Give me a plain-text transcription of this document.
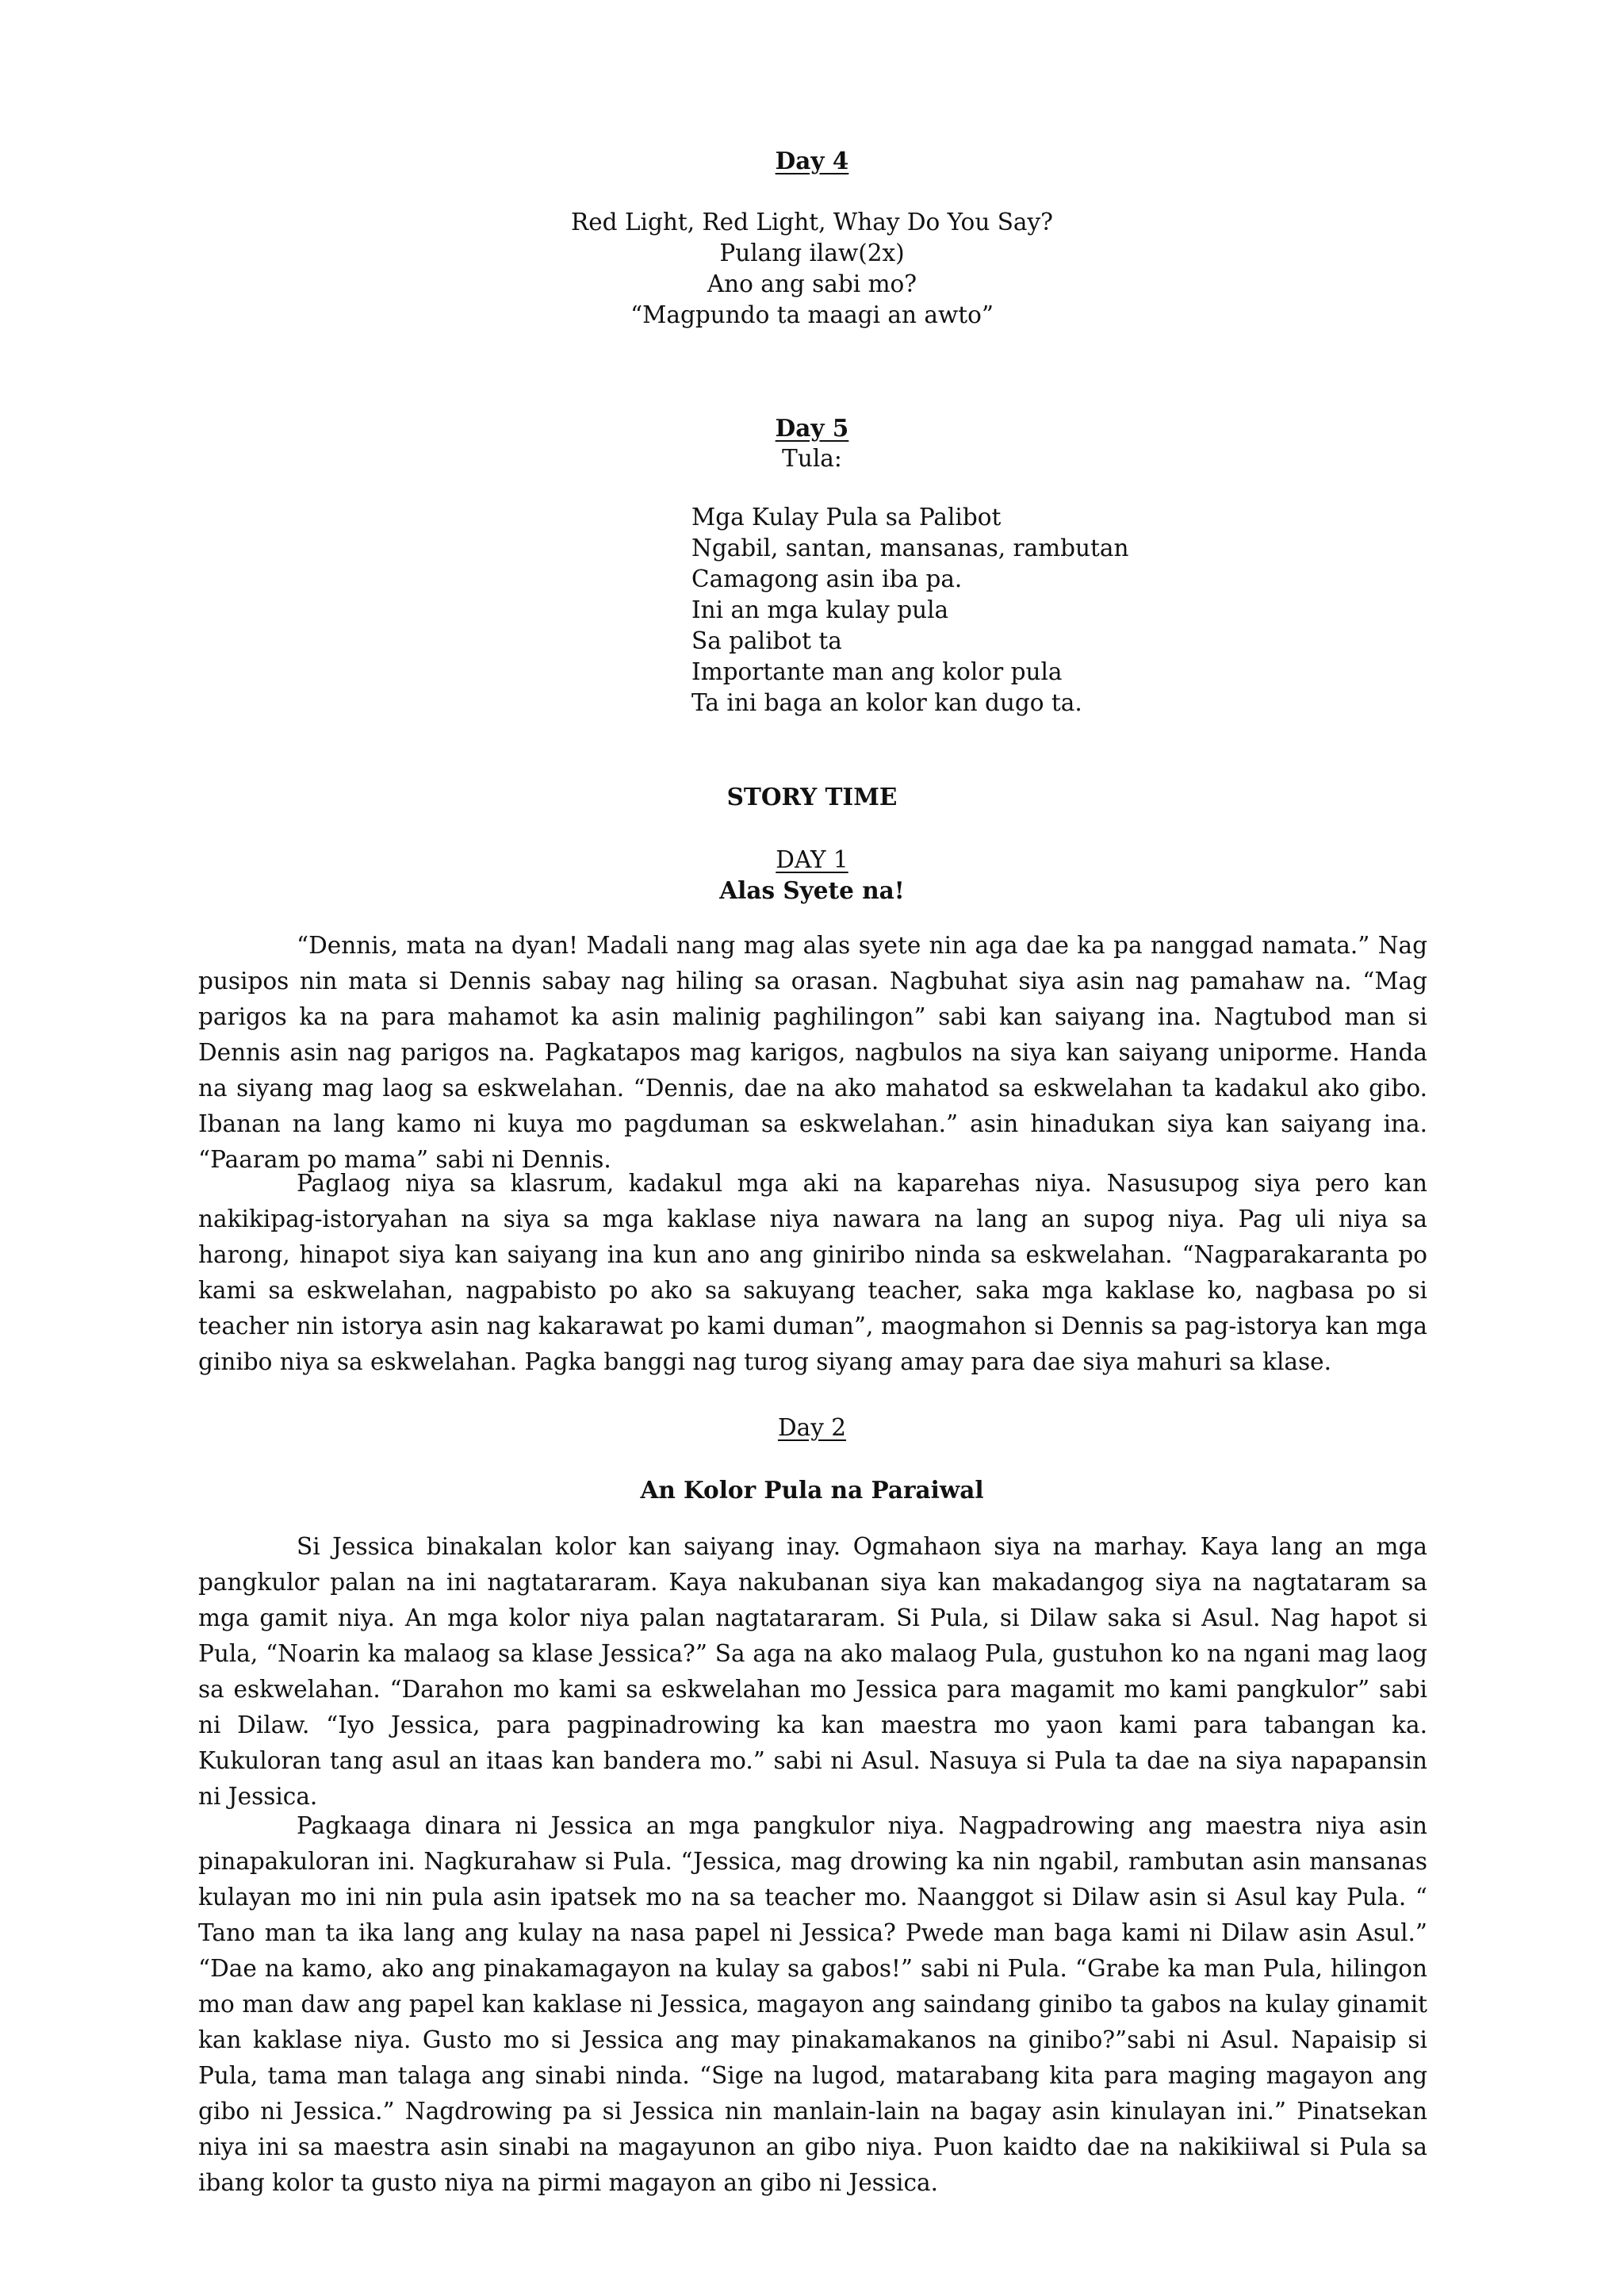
Day 4
Red Light, Red Light, Whay Do You Say?
Pulang ilaw(2x)
Ano ang sabi mo?
“Magpundo ta maagi an awto”
Day 5
Tula:
Mga Kulay Pula sa Palibot
Ngabil, santan, mansanas, rambutan
Camagong asin iba pa.
Ini an mga kulay pula
Sa palibot ta
Importante man ang kolor pula
Ta ini baga an kolor kan dugo ta.
STORY TIME
DAY 1
Alas Syete na!

“Dennis, mata na dyan! Madali nang mag alas syete nin aga dae ka pa nanggad namata.” Nag pusipos nin mata si Dennis sabay nag hiling sa orasan. Nagbuhat siya asin nag pamahaw na. “Mag parigos ka na para mahamot ka asin malinig paghilingon” sabi kan saiyang ina. Nagtubod man si Dennis asin nag parigos na. Pagkatapos mag karigos, nagbulos na siya kan saiyang uniporme. Handa na siyang mag laog sa eskwelahan. “Dennis, dae na ako mahatod sa eskwelahan ta kadakul ako gibo. Ibanan na lang kamo ni kuya mo pagduman sa eskwelahan.” asin hinadukan siya kan saiyang ina. “Paaram po mama” sabi ni Dennis.

Paglaog niya sa klasrum, kadakul mga aki na kaparehas niya. Nasusupog siya pero kan nakikipag-istoryahan na siya sa mga kaklase niya nawara na lang an supog niya. Pag uli niya sa harong, hinapot siya kan saiyang ina kun ano ang giniribo ninda sa eskwelahan. “Nagparakaranta po kami sa eskwelahan, nagpabisto po ako sa sakuyang teacher, saka mga kaklase ko, nagbasa po si teacher nin istorya asin nag kakarawat po kami duman”, maogmahon si Dennis sa pag-istorya kan mga ginibo niya sa eskwelahan. Pagka banggi nag turog siyang amay para dae siya mahuri sa klase.

Day 2
An Kolor Pula na Paraiwal

Si Jessica binakalan kolor kan saiyang inay. Ogmahaon siya na marhay. Kaya lang an mga pangkulor palan na ini nagtatararam. Kaya nakubanan siya kan makadangog siya na nagtataram sa mga gamit niya. An mga kolor niya palan nagtatararam. Si Pula, si Dilaw saka si Asul. Nag hapot si Pula, “Noarin ka malaog sa klase Jessica?” Sa aga na ako malaog Pula, gustuhon ko na ngani mag laog sa eskwelahan. “Darahon mo kami sa eskwelahan mo Jessica para magamit mo kami pangkulor” sabi ni Dilaw. “Iyo Jessica, para pagpinadrowing ka kan maestra mo yaon kami para tabangan ka. Kukuloran tang asul an itaas kan bandera mo.” sabi ni Asul. Nasuya si Pula ta dae na siya napapansin ni Jessica.

Pagkaaga dinara ni Jessica an mga pangkulor niya. Nagpadrowing ang maestra niya asin pinapakuloran ini. Nagkurahaw si Pula. “Jessica, mag drowing ka nin ngabil, rambutan asin mansanas kulayan mo ini nin pula asin ipatsek mo na sa teacher mo. Naanggot si Dilaw asin si Asul kay Pula. “ Tano man ta ika lang ang kulay na nasa papel ni Jessica? Pwede man baga kami ni Dilaw asin Asul.” “Dae na kamo, ako ang pinakamagayon na kulay sa gabos!” sabi ni Pula. “Grabe ka man Pula, hilingon mo man daw ang papel kan kaklase ni Jessica, magayon ang saindang ginibo ta gabos na kulay ginamit kan kaklase niya. Gusto mo si Jessica ang may pinakamakanos na ginibo?”sabi ni Asul. Napaisip si Pula, tama man talaga ang sinabi ninda. “Sige na lugod, matarabang kita para maging magayon ang gibo ni Jessica.” Nagdrowing pa si Jessica nin manlain-lain na bagay asin kinulayan ini.” Pinatsekan niya ini sa maestra asin sinabi na magayunon an gibo niya. Puon kaidto dae na nakikiiwal si Pula sa ibang kolor ta gusto niya na pirmi magayon an gibo ni Jessica.
